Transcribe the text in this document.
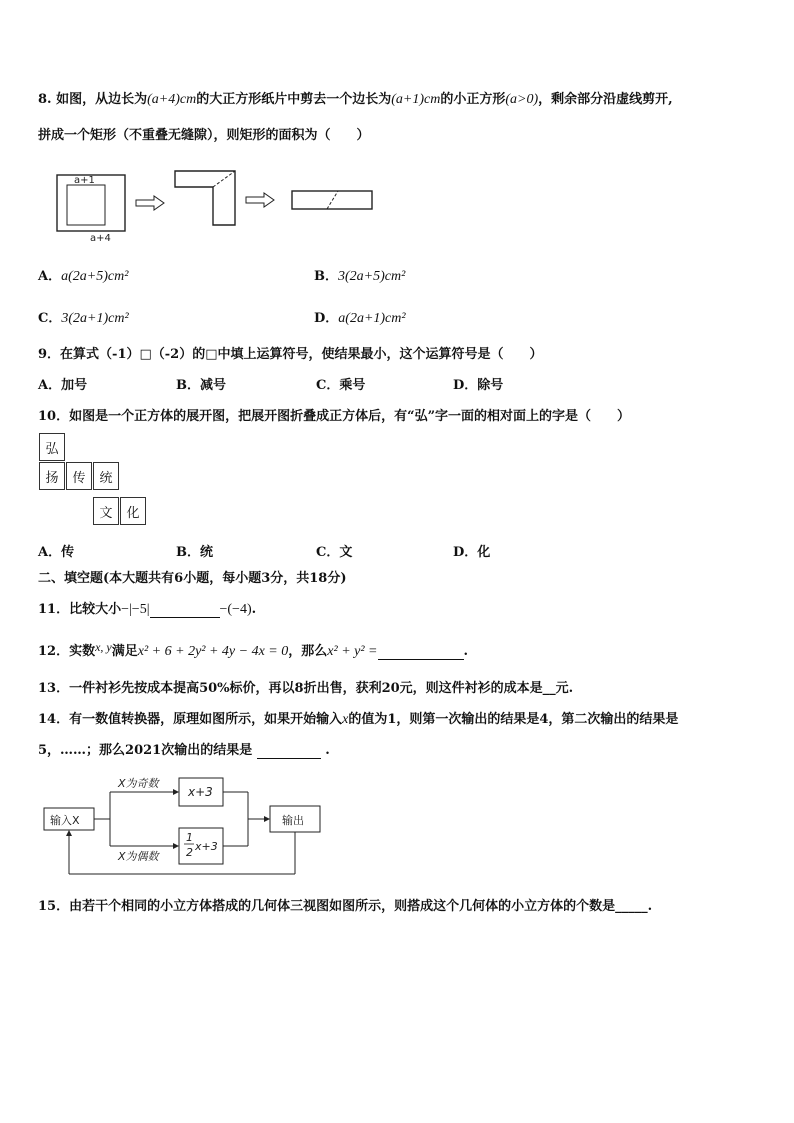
8. 如图，从边长为(a+4)cm的大正方形纸片中剪去一个边长为(a+1)cm的小正方形(a>0)，剩余部分沿虚线剪开,
拼成一个矩形（不重叠无缝隙），则矩形的面积为（　　）
a+1
a+4
A．a(2a+5)cm²	B．3(2a+5)cm²
C．3(2a+1)cm²	D．a(2a+1)cm²
9．在算式（-1）□（-2）的□中填上运算符号，使结果最小，这个运算符号是（　　）
A．加号	B．减号	C．乘号	D．除号
10．如图是一个正方体的展开图，把展开图折叠成正方体后，有“弘”字一面的相对面上的字是（　　）
弘
扬	传	统
文	化
A．传	B．统	C．文	D．化
二、填空题(本大题共有6小题，每小题3分，共18分)
11．比较大小−|−5|	−(−4).
12．实数x, y满足x² + 6 + 2y² + 4y − 4x = 0，那么x² + y² =	.
13．一件衬衫先按成本提高50%标价，再以8折出售，获利20元，则这件衬衫的成本是__元.
14．有一数值转换器，原理如图所示，如果开始输入x的值为1，则第一次输出的结果是4，第二次输出的结果是
5，……；那么2021次输出的结果是	.
输入X
X为奇数
X为偶数
x+3
1
2 x+3
输出
15．由若干个相同的小立方体搭成的几何体三视图如图所示，则搭成这个几何体的小立方体的个数是_____.
